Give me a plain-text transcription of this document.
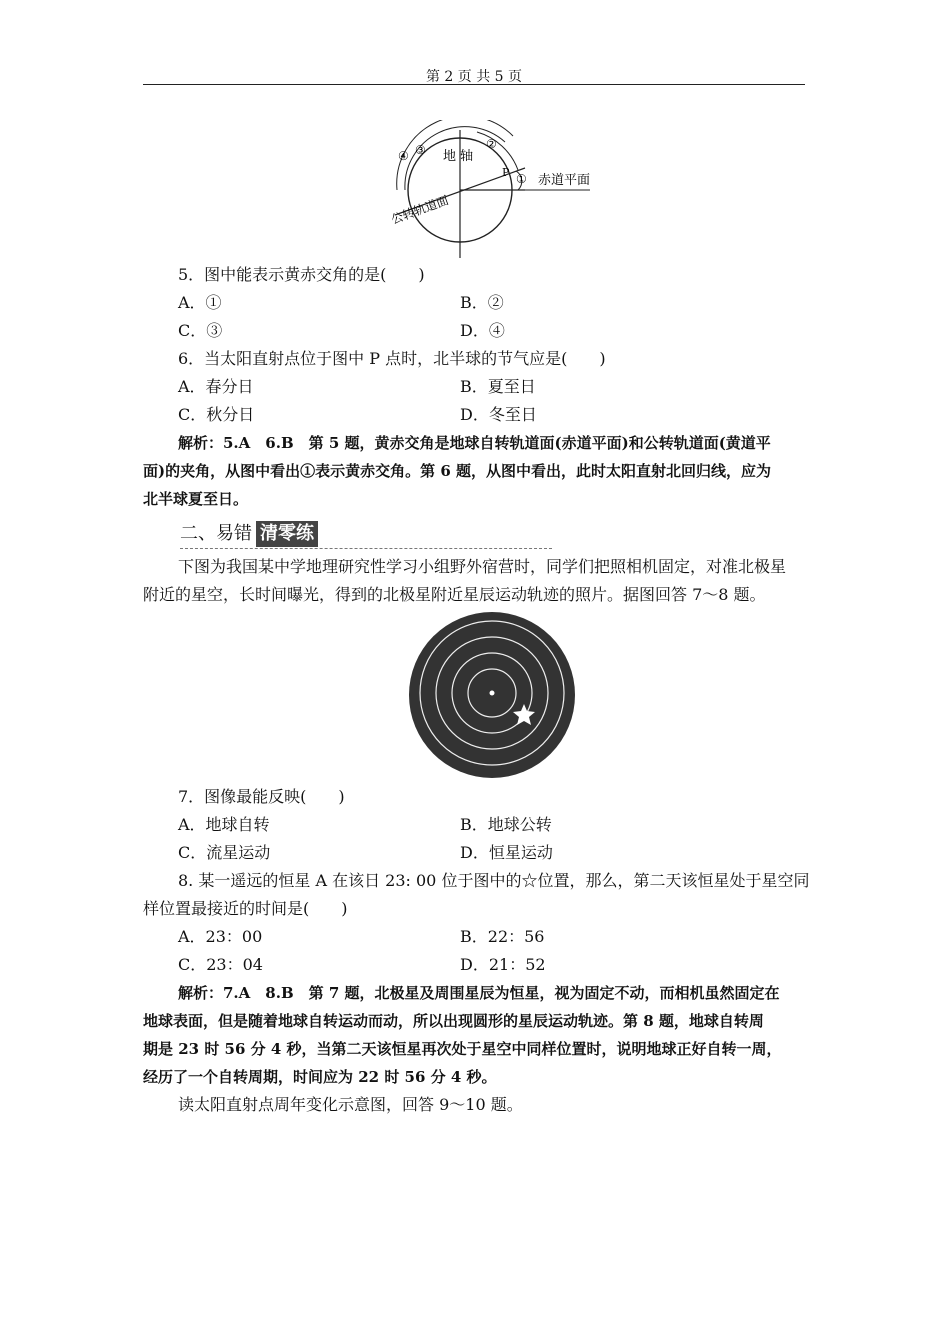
第 2 页 共 5 页
地 轴
P
④ ③	②
① 赤道平面
公转轨道面
5．图中能表示黄赤交角的是(　　)
A．①	B．②
C．③	D．④
6．当太阳直射点位于图中 P 点时，北半球的节气应是(　　)
A．春分日	B．夏至日
C．秋分日	D．冬至日
解析：5.A　6.B　第 5 题，黄赤交角是地球自转轨道面(赤道平面)和公转轨道面(黄道平
面)的夹角，从图中看出①表示黄赤交角。第 6 题，从图中看出，此时太阳直射北回归线，应为
北半球夏至日。
二、易错 清零练
下图为我国某中学地理研究性学习小组野外宿营时，同学们把照相机固定，对准北极星
附近的星空，长时间曝光，得到的北极星附近星辰运动轨迹的照片。据图回答 7～8 题。
7．图像最能反映(　　)
A．地球自转	B．地球公转
C．流星运动	D．恒星运动
8. 某一遥远的恒星 A 在该日 23: 00 位于图中的☆位置，那么，第二天该恒星处于星空同
样位置最接近的时间是(　　)
A．23：00	B．22：56
C．23：04	D．21：52
解析：7.A　8.B　第 7 题，北极星及周围星辰为恒星，视为固定不动，而相机虽然固定在
地球表面，但是随着地球自转运动而动，所以出现圆形的星辰运动轨迹。第 8 题，地球自转周
期是 23 时 56 分 4 秒，当第二天该恒星再次处于星空中同样位置时，说明地球正好自转一周，
经历了一个自转周期，时间应为 22 时 56 分 4 秒。
读太阳直射点周年变化示意图，回答 9～10 题。
